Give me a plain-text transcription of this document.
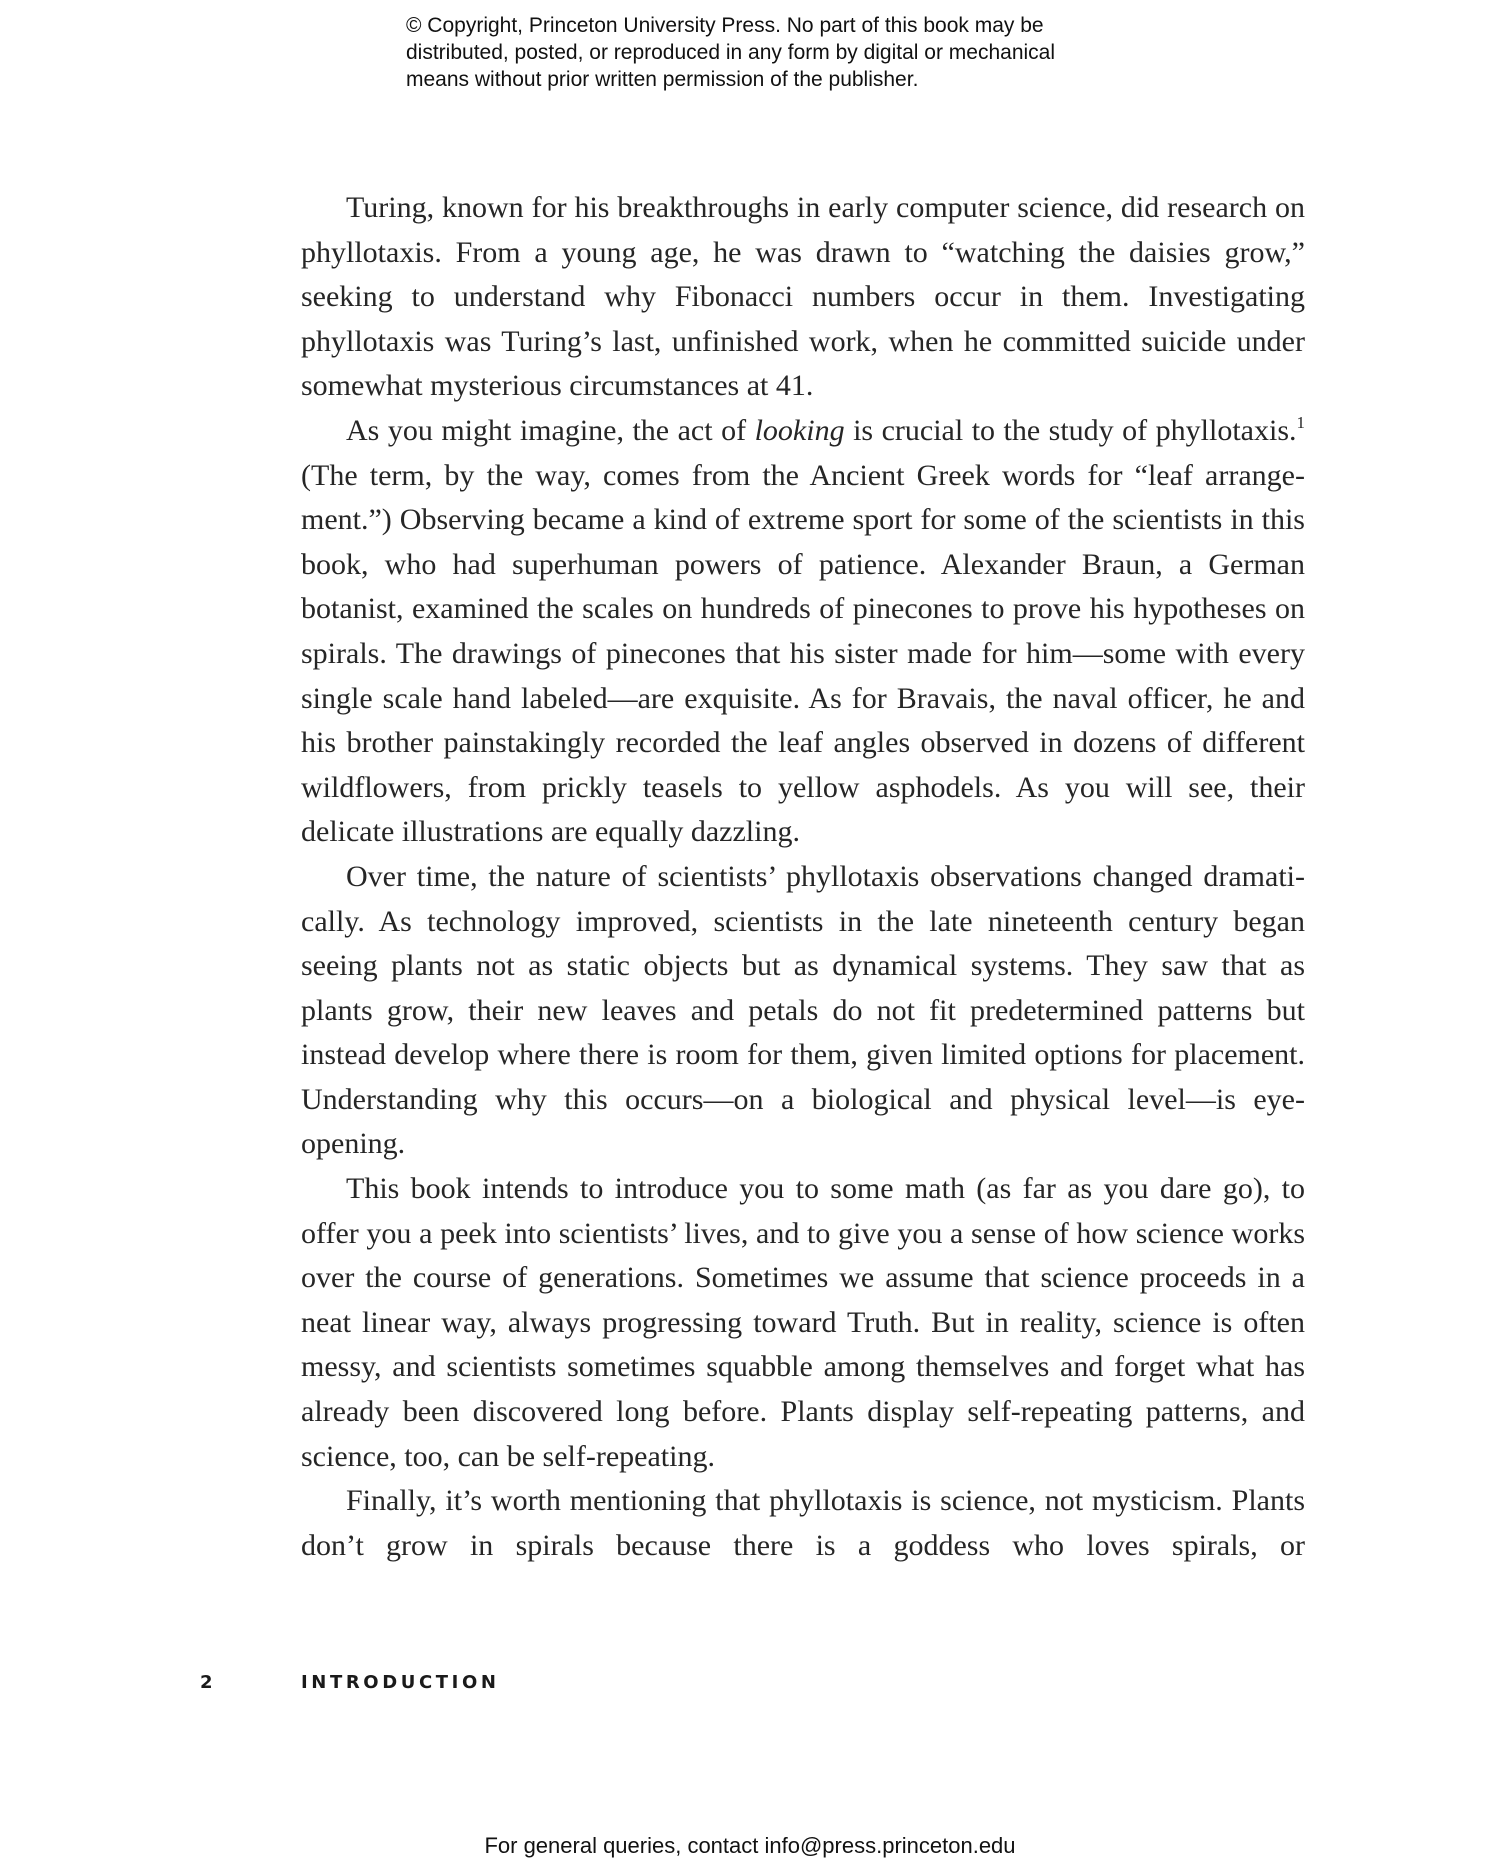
© Copyright, Princeton University Press. No part of this book may be
distributed, posted, or reproduced in any form by digital or mechanical
means without prior written permission of the publisher.

Turing, known for his breakthroughs in early computer science, did research on phyllotaxis. From a young age, he was drawn to “watching the daisies grow,” seeking to understand why Fibonacci numbers occur in them. Investigating phyllotaxis was Turing’s last, unfinished work, when he committed suicide under somewhat mysterious circumstances at 41.

As you might imagine, the act of looking is crucial to the study of phyllotaxis.$^1$ (The term, by the way, comes from the Ancient Greek words for “leaf arrangement.”) Observing became a kind of extreme sport for some of the scientists in this book, who had superhuman powers of patience. Alexander Braun, a German botanist, examined the scales on hundreds of pinecones to prove his hypotheses on spirals. The drawings of pinecones that his sister made for him—some with every single scale hand labeled—are exquisite. As for Bravais, the naval officer, he and his brother painstakingly recorded the leaf angles observed in dozens of different wildflowers, from prickly teasels to yellow asphodels. As you will see, their delicate illustrations are equally dazzling.

Over time, the nature of scientists’ phyllotaxis observations changed dramatically. As technology improved, scientists in the late nineteenth century began seeing plants not as static objects but as dynamical systems. They saw that as plants grow, their new leaves and petals do not fit predetermined patterns but instead develop where there is room for them, given limited options for placement. Understanding why this occurs—on a biological and physical level—is eye-opening.

This book intends to introduce you to some math (as far as you dare go), to offer you a peek into scientists’ lives, and to give you a sense of how science works over the course of generations. Sometimes we assume that science proceeds in a neat linear way, always progressing toward Truth. But in reality, science is often messy, and scientists sometimes squabble among themselves and forget what has already been discovered long before. Plants display self-repeating patterns, and science, too, can be self-repeating.

Finally, it’s worth mentioning that phyllotaxis is science, not mysticism. Plants don’t grow in spirals because there is a goddess who loves spirals, or

2	INTRODUCTION
For general queries, contact info@press.princeton.edu
